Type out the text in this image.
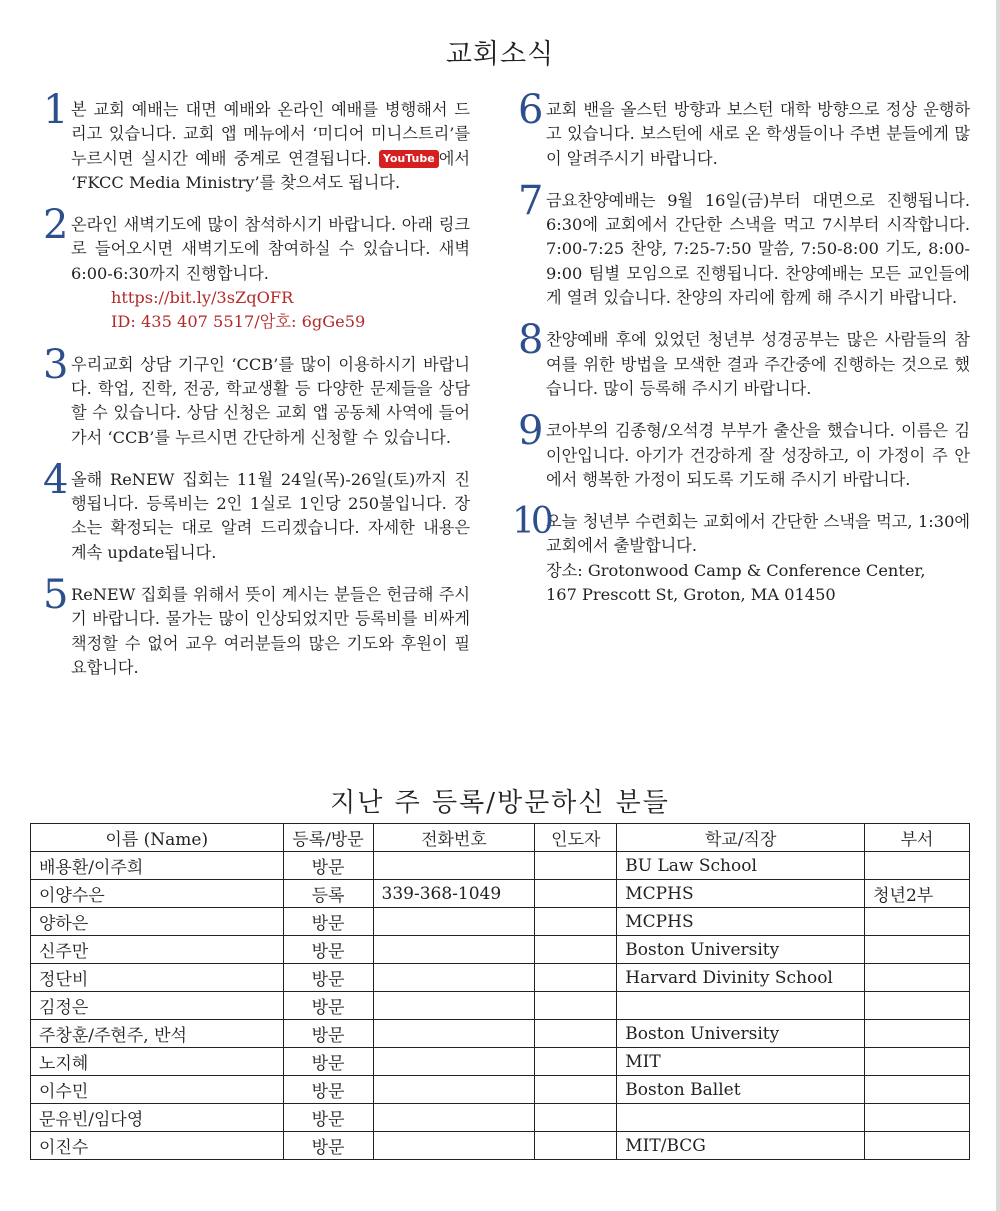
교회소식
1 본 교회 예배는 대면 예배와 온라인 예배를 병행해서 드리고 있습니다. 교회 앱 메뉴에서 ‘미디어 미니스트리’를 누르시면 실시간 예배 중계로 연결됩니다. YouTube 에서 ‘FKCC Media Ministry’를 찾으셔도 됩니다.
2 온라인 새벽기도에 많이 참석하시기 바랍니다. 아래 링크로 들어오시면 새벽기도에 참여하실 수 있습니다. 새벽 6:00-6:30까지 진행합니다.
https://bit.ly/3sZqOFR
ID: 435 407 5517/암호: 6gGe59
3 우리교회 상담 기구인 ‘CCB’를 많이 이용하시기 바랍니다. 학업, 진학, 전공, 학교생활 등 다양한 문제들을 상담할 수 있습니다. 상담 신청은 교회 앱 공동체 사역에 들어가서 ‘CCB’를 누르시면 간단하게 신청할 수 있습니다.
4 올해 ReNEW 집회는 11월 24일(목)-26일(토)까지 진행됩니다. 등록비는 2인 1실로 1인당 250불입니다. 장소는 확정되는 대로 알려 드리겠습니다. 자세한 내용은 계속 update됩니다.
5 ReNEW 집회를 위해서 뜻이 계시는 분들은 헌금해 주시기 바랍니다. 물가는 많이 인상되었지만 등록비를 비싸게 책정할 수 없어 교우 여러분들의 많은 기도와 후원이 필요합니다.
6 교회 밴을 올스턴 방향과 보스턴 대학 방향으로 정상 운행하고 있습니다. 보스턴에 새로 온 학생들이나 주변 분들에게 많이 알려주시기 바랍니다.
7 금요찬양예배는 9월 16일(금)부터 대면으로 진행됩니다. 6:30에 교회에서 간단한 스낵을 먹고 7시부터 시작합니다. 7:00-7:25 찬양, 7:25-7:50 말씀, 7:50-8:00 기도, 8:00-9:00 팀별 모임으로 진행됩니다. 찬양예배는 모든 교인들에게 열려 있습니다. 찬양의 자리에 함께 해 주시기 바랍니다.
8 찬양예배 후에 있었던 청년부 성경공부는 많은 사람들의 참여를 위한 방법을 모색한 결과 주간중에 진행하는 것으로 했습니다. 많이 등록해 주시기 바랍니다.
9 코아부의 김종형/오석경 부부가 출산을 했습니다. 이름은 김이안입니다. 아기가 건강하게 잘 성장하고, 이 가정이 주 안에서 행복한 가정이 되도록 기도해 주시기 바랍니다.
10
오늘 청년부 수련회는 교회에서 간단한 스낵을 먹고, 1:30에 교회에서 출발합니다.
장소: Grotonwood Camp & Conference Center,
167 Prescott St, Groton, MA 01450
지난 주 등록/방문하신 분들
이름 (Name)	등록/방문	전화번호	인도자	학교/직장	부서
배용환/이주희	방문			BU Law School	
이양수은	등록	339-368-1049		MCPHS	청년2부
양하은	방문			MCPHS	
신주만	방문			Boston University	
정단비	방문			Harvard Divinity School	
김정은	방문				
주창훈/주현주, 반석	방문			Boston University	
노지혜	방문			MIT	
이수민	방문			Boston Ballet	
문유빈/임다영	방문				
이진수	방문			MIT/BCG	
